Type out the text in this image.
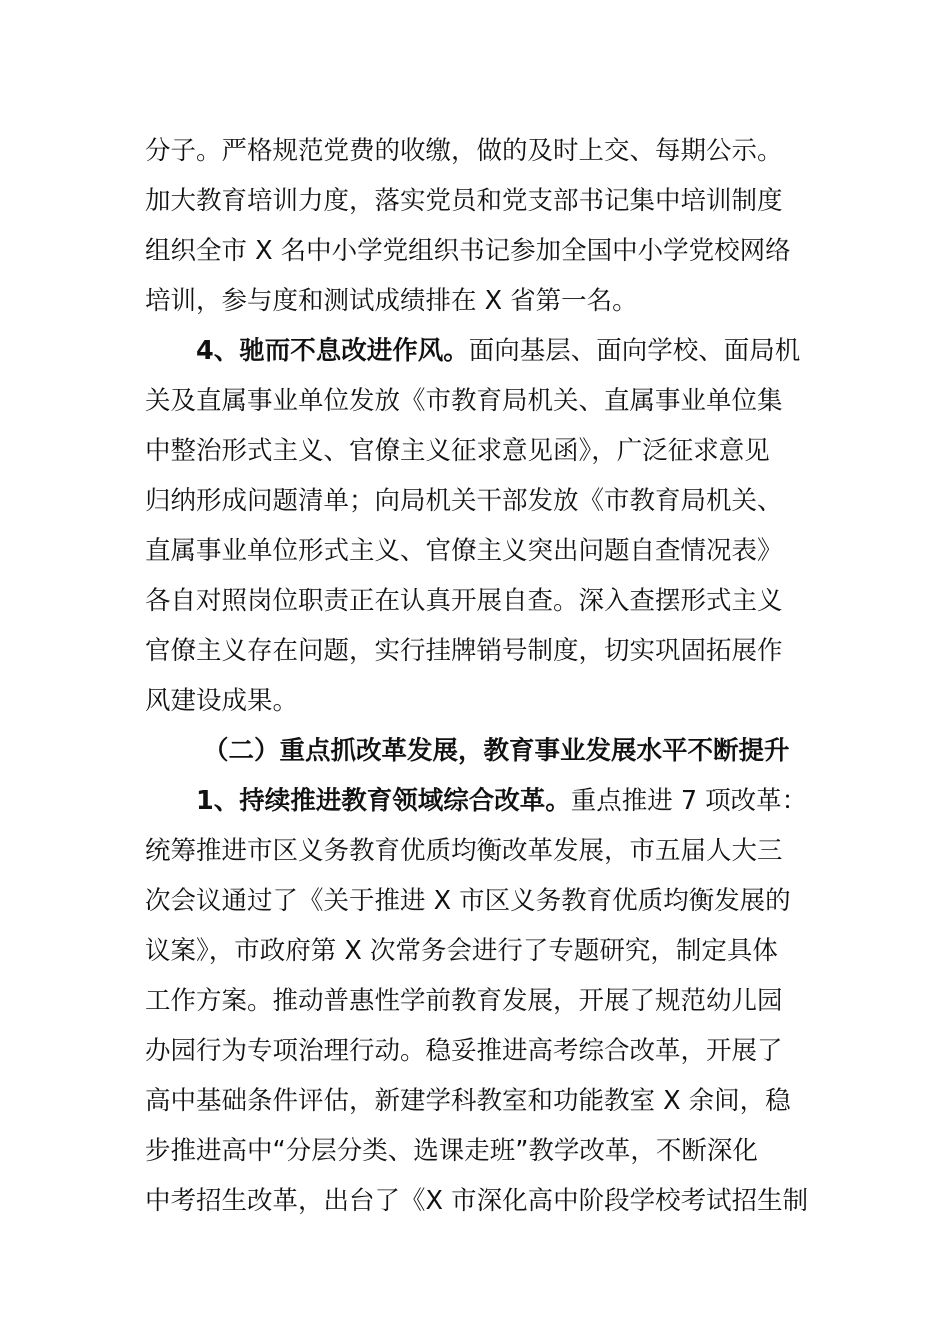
分子。严格规范党费的收缴，做的及时上交、每期公示。
加大教育培训力度，落实党员和党支部书记集中培训制度
组织全市 X 名中小学党组织书记参加全国中小学党校网络
培训，参与度和测试成绩排在 X 省第一名。
4、驰而不息改进作风。面向基层、面向学校、面局机
关及直属事业单位发放《市教育局机关、直属事业单位集
中整治形式主义、官僚主义征求意见函》，广泛征求意见
归纳形成问题清单；向局机关干部发放《市教育局机关、
直属事业单位形式主义、官僚主义突出问题自查情况表》
各自对照岗位职责正在认真开展自查。深入查摆形式主义
官僚主义存在问题，实行挂牌销号制度，切实巩固拓展作
风建设成果。
（二）重点抓改革发展，教育事业发展水平不断提升
1、持续推进教育领域综合改革。重点推进 7 项改革：
统筹推进市区义务教育优质均衡改革发展，市五届人大三
次会议通过了《关于推进 X 市区义务教育优质均衡发展的
议案》，市政府第 X 次常务会进行了专题研究，制定具体
工作方案。推动普惠性学前教育发展，开展了规范幼儿园
办园行为专项治理行动。稳妥推进高考综合改革，开展了
高中基础条件评估，新建学科教室和功能教室 X 余间，稳
步推进高中“分层分类、选课走班”教学改革，不断深化
中考招生改革，出台了《X 市深化高中阶段学校考试招生制
